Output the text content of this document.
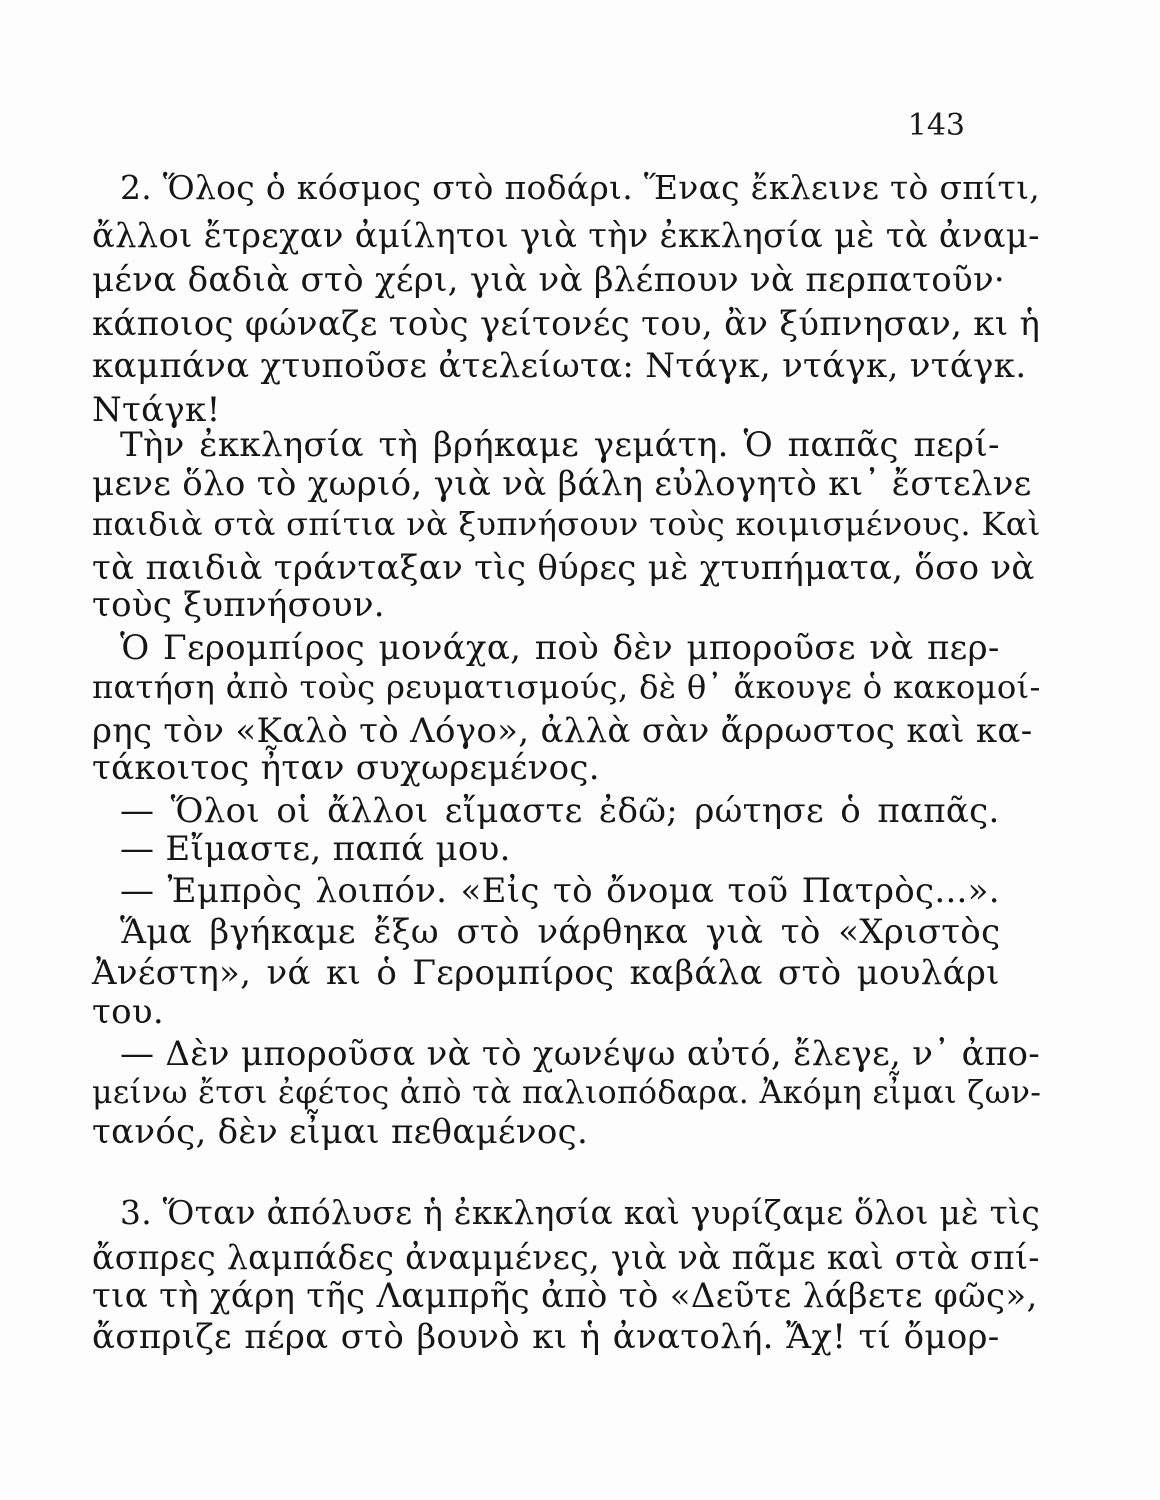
143
2. Ὅλος ὁ κόσμος στὸ ποδάρι. Ἕνας ἔκλεινε τὸ σπίτι,
ἄλλοι ἔτρεχαν ἀμίλητοι γιὰ τὴν ἐκκλησία μὲ τὰ ἀναμ-
μένα δαδιὰ στὸ χέρι, γιὰ νὰ βλέπουν νὰ περπατοῦν·
κάποιος φώναζε τοὺς γείτονές του, ἂν ξύπνησαν, κι ἡ
καμπάνα χτυποῦσε ἀτελείωτα: Ντάγκ, ντάγκ, ντάγκ.
Ντάγκ!
Τὴν ἐκκλησία τὴ βρήκαμε γεμάτη. Ὁ παπᾶς περί-
μενε ὅλο τὸ χωριό, γιὰ νὰ βάλη εὐλογητὸ κι᾽ ἔστελνε
παιδιὰ στὰ σπίτια νὰ ξυπνήσουν τοὺς κοιμισμένους. Καὶ
τὰ παιδιὰ τράνταξαν τὶς θύρες μὲ χτυπήματα, ὅσο νὰ
τοὺς ξυπνήσουν.
Ὁ Γερομπίρος μονάχα, ποὺ δὲν μποροῦσε νὰ περ-
πατήση ἀπὸ τοὺς ρευματισμούς, δὲ θ᾽ ἄκουγε ὁ κακομοί-
ρης τὸν «Καλὸ τὸ Λόγο», ἀλλὰ σὰν ἄρρωστος καὶ κα-
τάκοιτος ἦταν συχωρεμένος.
— Ὅλοι οἱ ἄλλοι εἴμαστε ἐδῶ; ρώτησε ὁ παπᾶς.
— Εἴμαστε, παπά μου.
— Ἐμπρὸς λοιπόν. «Εἰς τὸ ὄνομα τοῦ Πατρὸς...».
Ἅμα βγήκαμε ἔξω στὸ νάρθηκα γιὰ τὸ «Χριστὸς
Ἀνέστη», νά κι ὁ Γερομπίρος καβάλα στὸ μουλάρι
του.
— Δὲν μποροῦσα νὰ τὸ χωνέψω αὐτό, ἔλεγε, ν᾽ ἀπο-
μείνω ἔτσι ἐφέτος ἀπὸ τὰ παλιοπόδαρα. Ἀκόμη εἶμαι ζων-
τανός, δὲν εἶμαι πεθαμένος.
3. Ὅταν ἀπόλυσε ἡ ἐκκλησία καὶ γυρίζαμε ὅλοι μὲ τὶς
ἄσπρες λαμπάδες ἀναμμένες, γιὰ νὰ πᾶμε καὶ στὰ σπί-
τια τὴ χάρη τῆς Λαμπρῆς ἀπὸ τὸ «Δεῦτε λάβετε φῶς»,
ἄσπριζε πέρα στὸ βουνὸ κι ἡ ἀνατολή. Ἄχ! τί ὄμορ-
